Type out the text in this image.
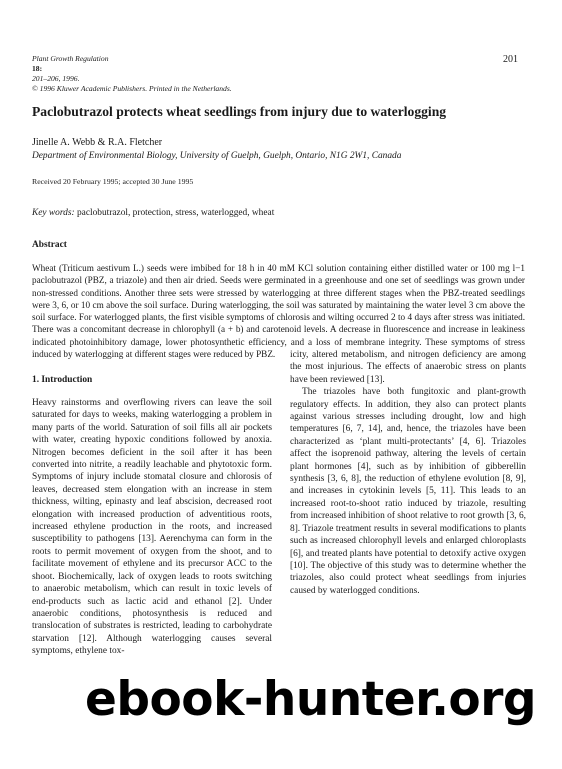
Plant Growth Regulation
18:
201–206, 1996.
© 1996 Kluwer Academic Publishers. Printed in the Netherlands.
201
Paclobutrazol protects wheat seedlings from injury due to waterlogging
Jinelle A. Webb & R.A. Fletcher
Department of Environmental Biology, University of Guelph, Guelph, Ontario, N1G 2W1, Canada
Received 20 February 1995; accepted 30 June 1995
Key words: paclobutrazol, protection, stress, waterlogged, wheat
Abstract

Wheat (Triticum aestivum L.) seeds were imbibed for 18 h in 40 mM KCl solution containing either distilled water or 100 mg l−1 paclobutrazol (PBZ, a triazole) and then air dried. Seeds were germinated in a greenhouse and one set of seedlings was grown under non-stressed conditions. Another three sets were stressed by waterlogging at three different stages when the PBZ-treated seedlings were 3, 6, or 10 cm above the soil surface. During waterlogging, the soil was saturated by maintaining the water level 3 cm above the soil surface. For waterlogged plants, the first visible symptoms of chlorosis and wilting occurred 2 to 4 days after stress was initiated. There was a concomitant decrease in chlorophyll (a + b) and carotenoid levels. A decrease in fluorescence and increase in leakiness indicated photoinhibitory damage, lower photosynthetic efficiency, and a loss of membrane integrity. These symptoms of stress induced by waterlogging at different stages were reduced by PBZ.

1. Introduction

Heavy rainstorms and overflowing rivers can leave the soil saturated for days to weeks, making waterlogging a problem in many parts of the world. Saturation of soil fills all air pockets with water, creating hypoxic conditions followed by anoxia. Nitrogen becomes deficient in the soil after it has been converted into nitrite, a readily leachable and phytotoxic form. Symptoms of injury include stomatal closure and chlorosis of leaves, decreased stem elongation with an increase in stem thickness, wilting, epinasty and leaf abscision, decreased root elongation with increased production of adventitious roots, increased ethylene production in the roots, and increased susceptibility to pathogens [13]. Aerenchyma can form in the roots to permit movement of oxygen from the shoot, and to facilitate movement of ethylene and its precursor ACC to the shoot. Biochemically, lack of oxygen leads to roots switching to anaerobic metabolism, which can result in toxic levels of end-products such as lactic acid and ethanol [2]. Under anaerobic conditions, photosynthesis is reduced and translocation of substrates is restricted, leading to carbohydrate starvation [12]. Although waterlogging causes several symptoms, ethylene tox-

icity, altered metabolism, and nitrogen deficiency are among the most injurious. The effects of anaerobic stress on plants have been reviewed [13].

The triazoles have both fungitoxic and plant-growth regulatory effects. In addition, they also can protect plants against various stresses including drought, low and high temperatures [6, 7, 14], and, hence, the triazoles have been characterized as ‘plant multi-protectants’ [4, 6]. Triazoles affect the isoprenoid pathway, altering the levels of certain plant hormones [4], such as by inhibition of gibberellin synthesis [3, 6, 8], the reduction of ethylene evolution [8, 9], and increases in cytokinin levels [5, 11]. This leads to an increased root-to-shoot ratio induced by triazole, resulting from increased inhibition of shoot relative to root growth [3, 6, 8]. Triazole treatment results in several modifications to plants such as increased chlorophyll levels and enlarged chloroplasts [6], and treated plants have potential to detoxify active oxygen [10]. The objective of this study was to determine whether the triazoles, also could protect wheat seedlings from injuries caused by waterlogged conditions.

ebook-hunter.org
